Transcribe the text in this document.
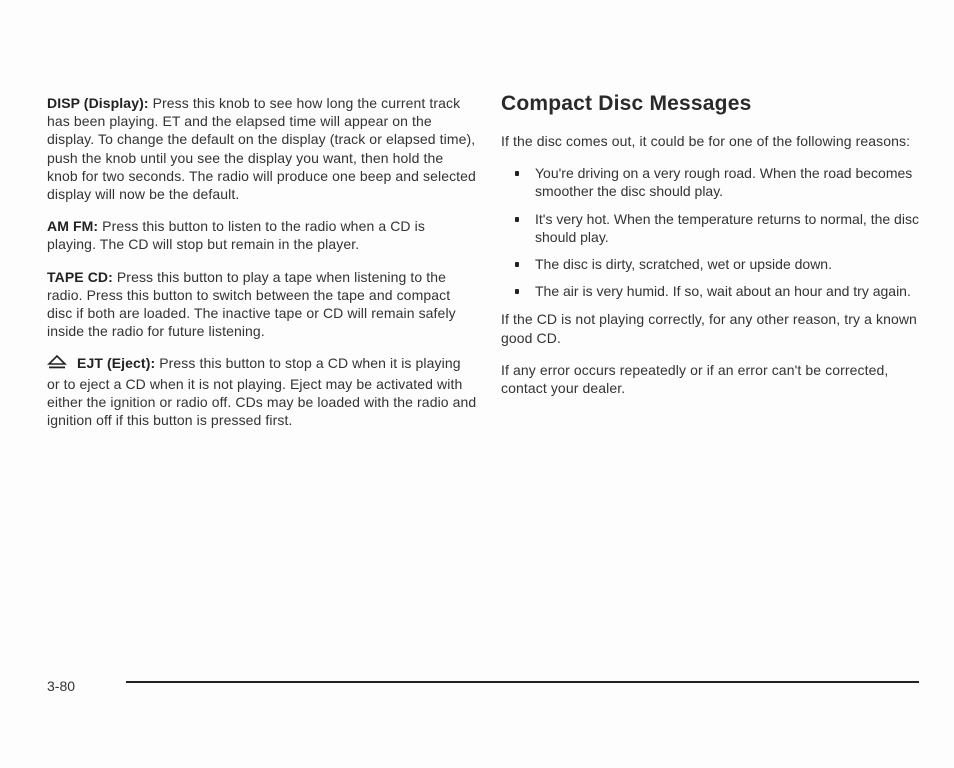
DISP (Display): Press this knob to see how long the current track has been playing. ET and the elapsed time will appear on the display. To change the default on the display (track or elapsed time), push the knob until you see the display you want, then hold the knob for two seconds. The radio will produce one beep and selected display will now be the default.

AM FM: Press this button to listen to the radio when a CD is playing. The CD will stop but remain in the player.

TAPE CD: Press this button to play a tape when listening to the radio. Press this button to switch between the tape and compact disc if both are loaded. The inactive tape or CD will remain safely inside the radio for future listening.

EJT (Eject): Press this button to stop a CD when it is playing or to eject a CD when it is not playing. Eject may be activated with either the ignition or radio off. CDs may be loaded with the radio and ignition off if this button is pressed first.

Compact Disc Messages

If the disc comes out, it could be for one of the following reasons:

You're driving on a very rough road. When the road becomes smoother the disc should play.
It's very hot. When the temperature returns to normal, the disc should play.
The disc is dirty, scratched, wet or upside down.
The air is very humid. If so, wait about an hour and try again.

If the CD is not playing correctly, for any other reason, try a known good CD.

If any error occurs repeatedly or if an error can't be corrected, contact your dealer.

3-80
